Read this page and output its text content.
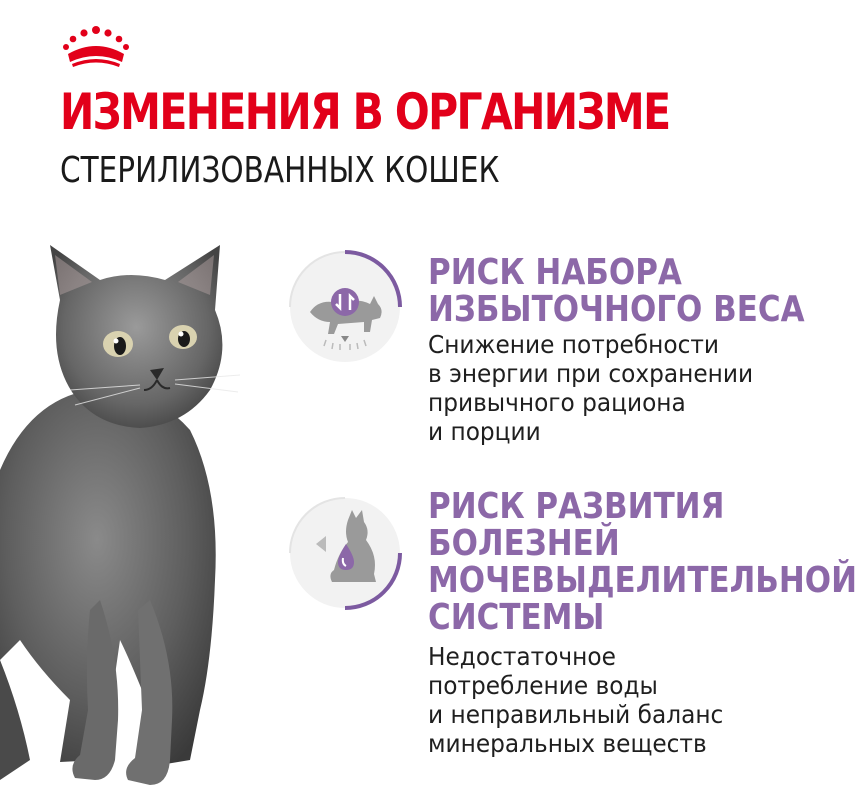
ИЗМЕНЕНИЯ В ОРГАНИЗМЕ
СТЕРИЛИЗОВАННЫХ КОШЕК
РИСК НАБОРА
ИЗБЫТОЧНОГО ВЕСА
Снижение потребности
в энергии при сохранении
привычного рациона
и порции
РИСК РАЗВИТИЯ
БОЛЕЗНЕЙ
МОЧЕВЫДЕЛИТЕЛЬНОЙ
СИСТЕМЫ
Недостаточное
потребление воды
и неправильный баланс
минеральных веществ
